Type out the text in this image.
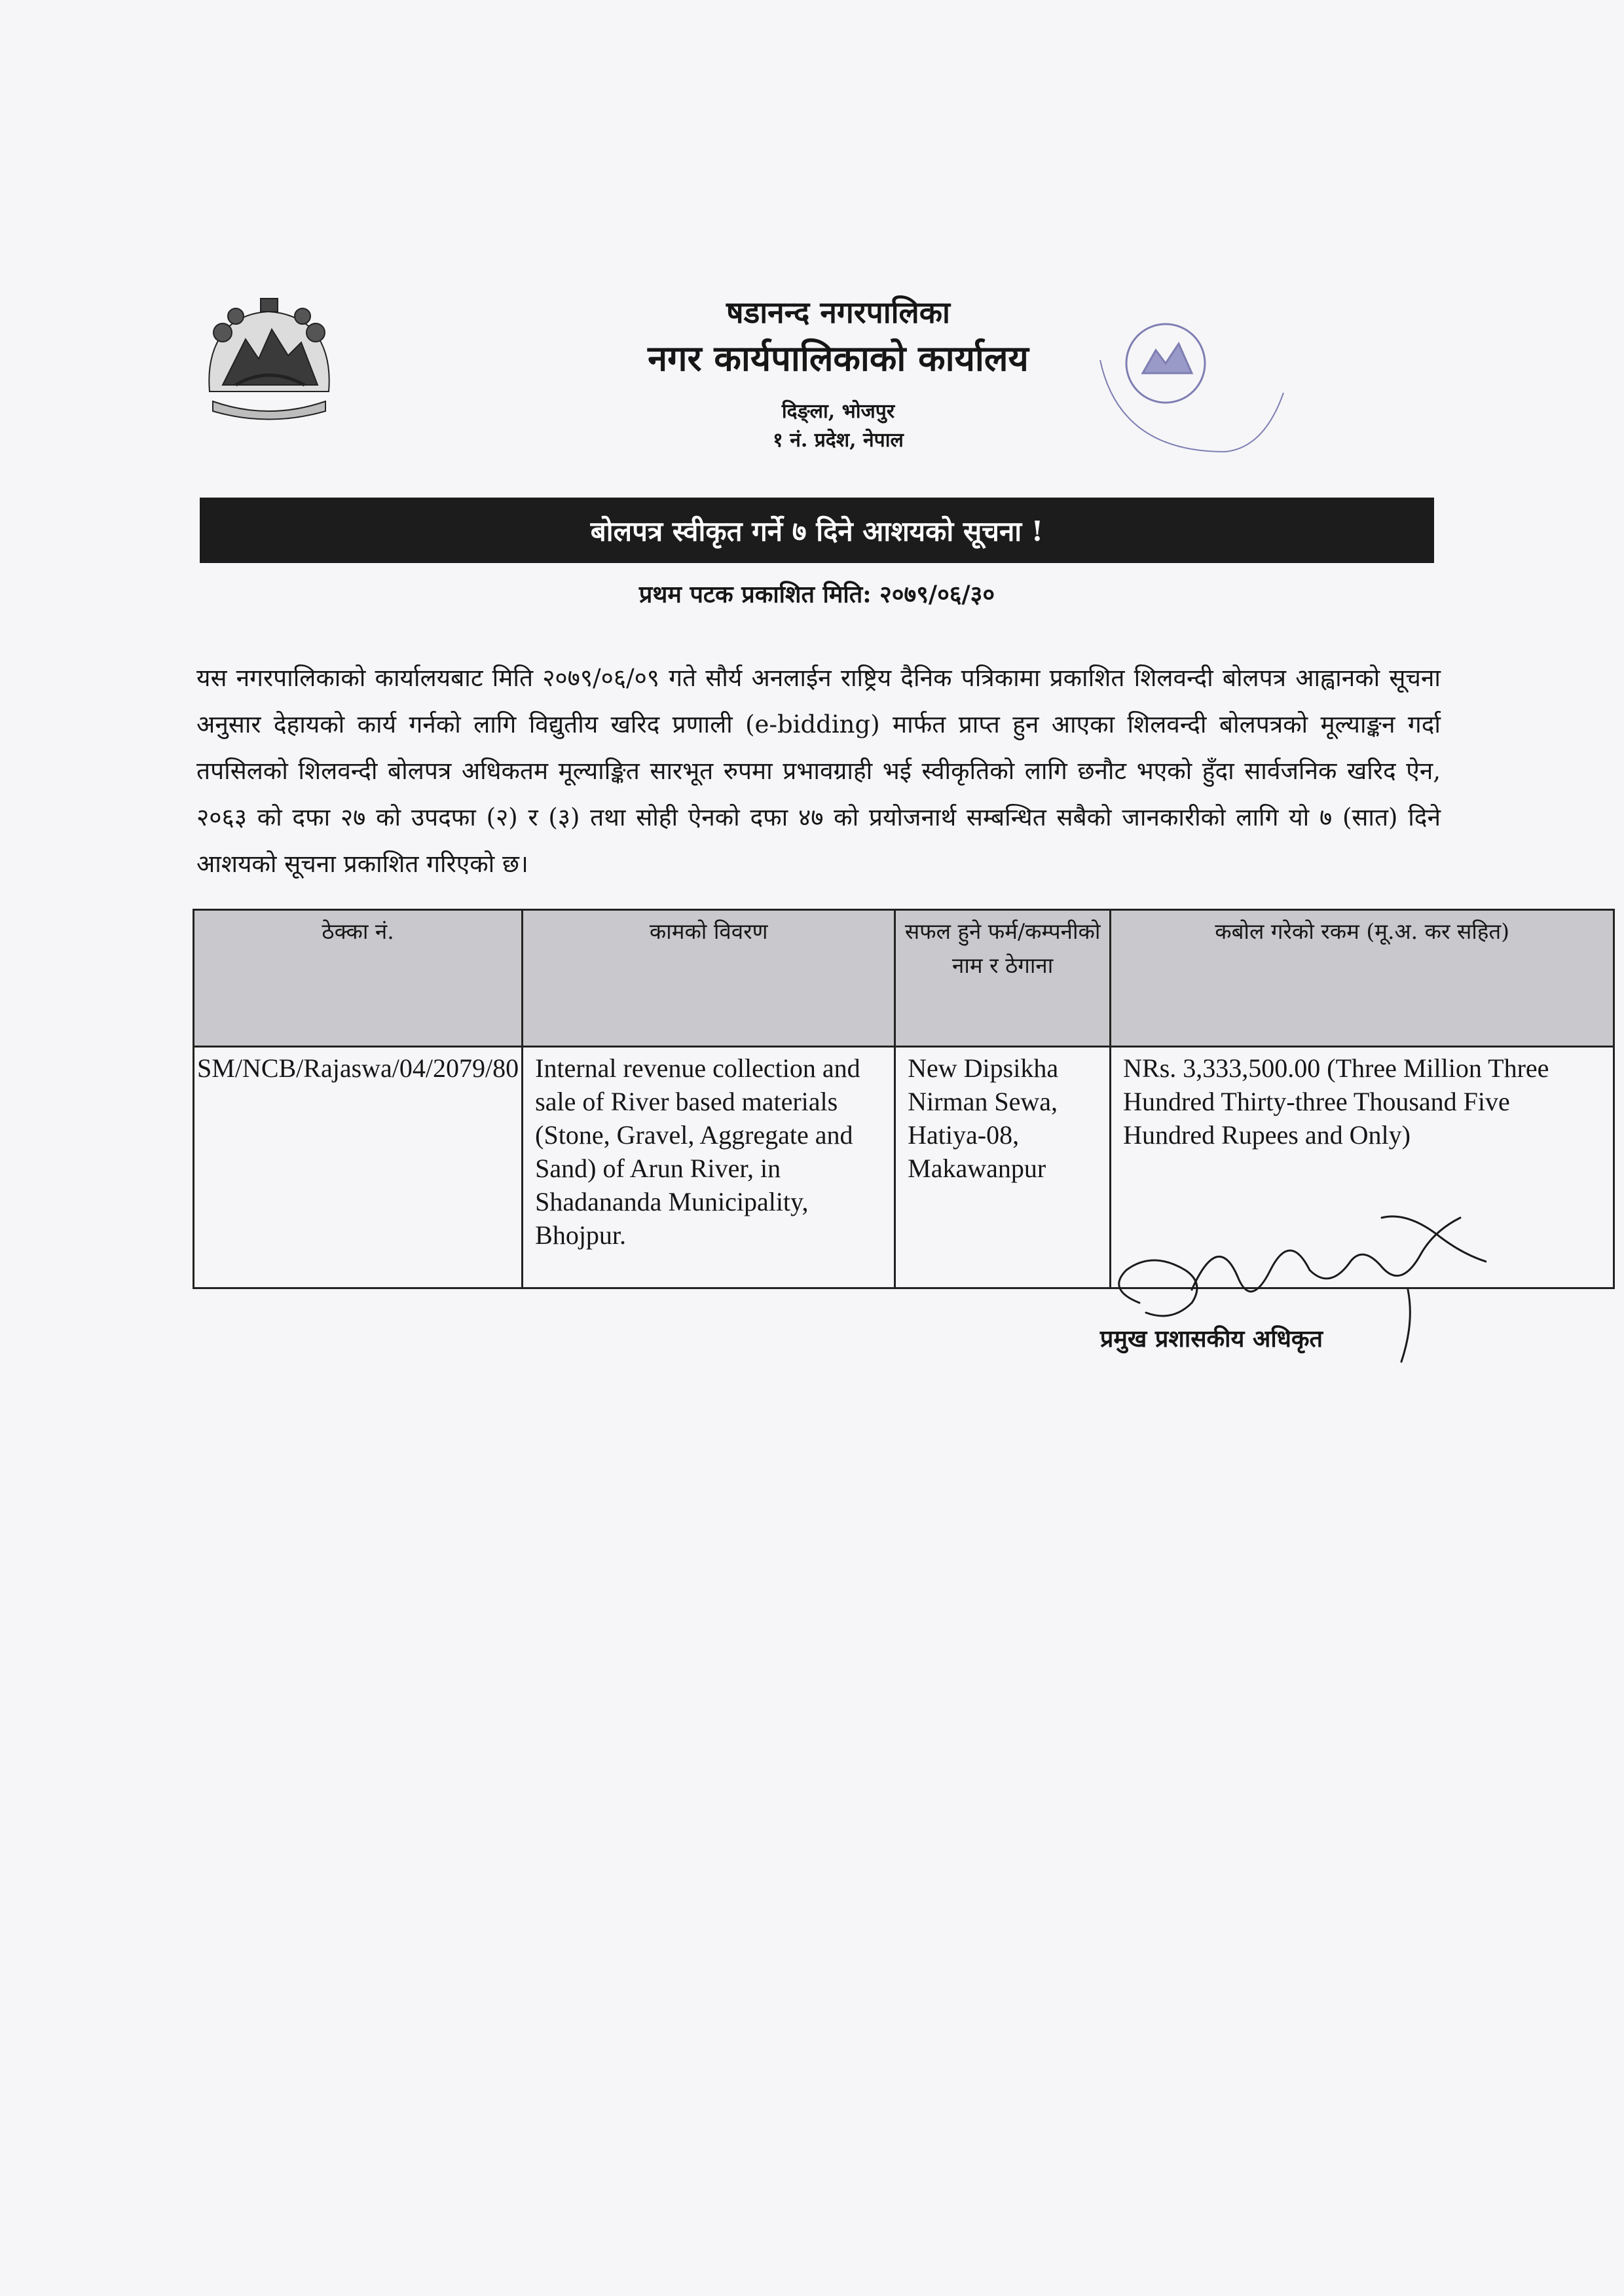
षडानन्द नगरपालिका
नगर कार्यपालिकाको कार्यालय
दिङ्ला, भोजपुर
१ नं. प्रदेश, नेपाल
बोलपत्र स्वीकृत गर्ने ७ दिने आशयको सूचना !
प्रथम पटक प्रकाशित मिति: २०७९/०६/३०
यस नगरपालिकाको कार्यालयबाट मिति २०७९/०६/०९ गते सौर्य अनलाईन राष्ट्रिय दैनिक पत्रिकामा प्रकाशित शिलवन्दी बोलपत्र आह्वानको सूचना अनुसार देहायको कार्य गर्नको लागि विद्युतीय खरिद प्रणाली (e-bidding) मार्फत प्राप्त हुन आएका शिलवन्दी बोलपत्रको मूल्याङ्कन गर्दा तपसिलको शिलवन्दी बोलपत्र अधिकतम मूल्याङ्कित सारभूत रुपमा प्रभावग्राही भई स्वीकृतिको लागि छनौट भएको हुँदा सार्वजनिक खरिद ऐन, २०६३ को दफा २७ को उपदफा (२) र (३) तथा सोही ऐनको दफा ४७ को प्रयोजनार्थ सम्बन्धित सबैको जानकारीको लागि यो ७ (सात) दिने आशयको सूचना प्रकाशित गरिएको छ।
ठेक्का नं.	कामको विवरण	सफल हुने फर्म/कम्पनीको नाम र ठेगाना	कबोल गरेको रकम (मू.अ. कर सहित)
SM/NCB/Rajaswa/04/2079/80	Internal revenue collection and sale of River based materials (Stone, Gravel, Aggregate and Sand) of Arun River, in Shadananda Municipality, Bhojpur.	New Dipsikha Nirman Sewa, Hatiya-08, Makawanpur	NRs. 3,333,500.00 (Three Million Three Hundred Thirty-three Thousand Five Hundred Rupees and Only)
प्रमुख प्रशासकीय अधिकृत
